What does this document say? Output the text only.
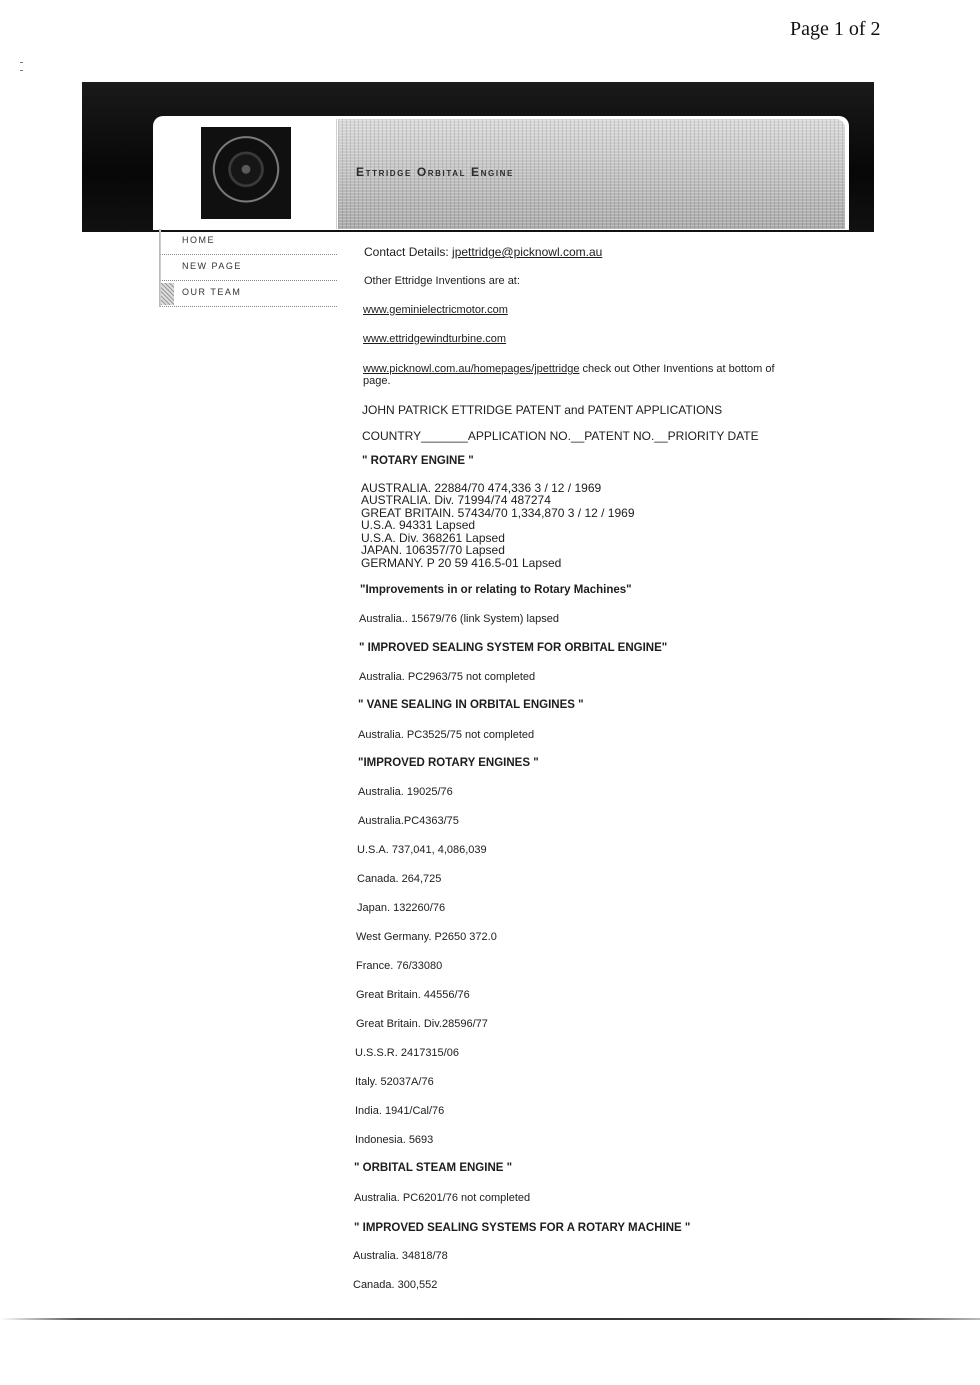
Page 1 of 2
Ettridge Orbital Engine
HOME
NEW PAGE
OUR TEAM
Contact Details: jpettridge@picknowl.com.au
Other Ettridge Inventions are at:
www.geminielectricmotor.com
www.ettridgewindturbine.com
www.picknowl.com.au/homepages/jpettridge check out Other Inventions at bottom of
page.
JOHN PATRICK ETTRIDGE PATENT and PATENT APPLICATIONS
COUNTRY_______APPLICATION NO.__PATENT NO.__PRIORITY DATE
" ROTARY ENGINE "
AUSTRALIA. 22884/70 474,336 3 / 12 / 1969
AUSTRALIA. Div. 71994/74 487274
GREAT BRITAIN. 57434/70 1,334,870 3 / 12 / 1969
U.S.A. 94331 Lapsed
U.S.A. Div. 368261 Lapsed
JAPAN. 106357/70 Lapsed
GERMANY. P 20 59 416.5-01 Lapsed
"Improvements in or relating to Rotary Machines"
Australia.. 15679/76 (link System) lapsed
" IMPROVED SEALING SYSTEM FOR ORBITAL ENGINE"
Australia. PC2963/75 not completed
" VANE SEALING IN ORBITAL ENGINES "
Australia. PC3525/75 not completed
"IMPROVED ROTARY ENGINES "
Australia. 19025/76
Australia.PC4363/75
U.S.A. 737,041, 4,086,039
Canada. 264,725
Japan. 132260/76
West Germany. P2650 372.0
France. 76/33080
Great Britain. 44556/76
Great Britain. Div.28596/77
U.S.S.R. 2417315/06
Italy. 52037A/76
India. 1941/Cal/76
Indonesia. 5693
" ORBITAL STEAM ENGINE "
Australia. PC6201/76 not completed
" IMPROVED SEALING SYSTEMS FOR A ROTARY MACHINE "
Australia. 34818/78
Canada. 300,552
